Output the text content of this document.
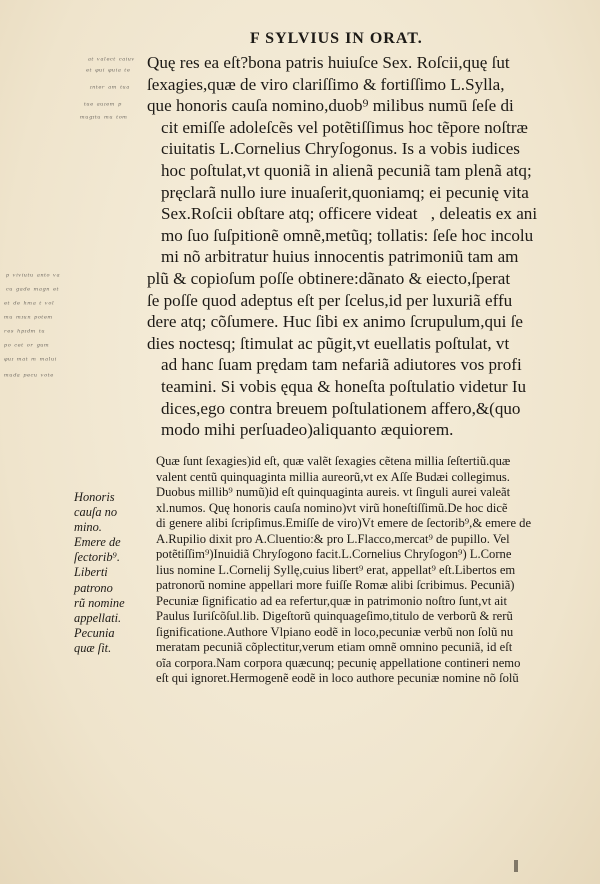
F SYLVIUS IN ORAT.
ᵃᵗ ᵛᵃˡᵉᶜᵗ ᶜᵃⁱᵘᵛ
ᵉᵗ ᵠᵘⁱ ᵠᵘⁱᵃ ᵗᵉ
ᶦⁿᵗᵉʳ ᵃᵐ ᵗᵘᵃ
ᵗᵘᵉ ᵃᵘᶦᵉᵐ ᵖ
ᵐᵘᵍᶦᵗᵘ ᵐᵘ ᵗᵒᵐ
ᵖ ᵛⁱᵛⁱᵘᵗᵘ ᵃⁿᵗᵒ ᵛᵃ
ᶜᵘ ᵍᵃᵈᵉ ᵐᵃᵍⁿ ᵉᵗ
ᵉᵗ ᵈᵉ ʰᵐᵃ ᵗ ᵛᵒˡ
ᵐᵘ ᵐᶦᵘⁿ ᵖᵒᵗᵉᵐ
ʳᵉˢ ʰᵖᶦᵈᵐ ᵗᵘ
ᵖᵒ ᶜᵉᵗ ᵒʳ ᵍᵘᵐ
ᵠᵘᶦ ᵐᵃᵗ ᵐ ᵐᵃˡᵘⁱ
ᵐᵘᵈᵃ ᵖᵉᶜᵘ ᵛᵒᵗᵉ
Quę res ea eſt?bona patris huiuſce Sex. Roſcii,quę ſut
ſexagies,quæ de viro clariſſimo & fortiſſimo L.Sylla,
que honoris cauſa nomino,duob⁹ milibus numū ſeſe di
cit emiſſe adoleſcẽs vel potẽtiſſimus hoc tẽpore noſtræ
ciuitatis L.Cornelius Chryſogonus. Is a vobis iudices
hoc poſtulat,vt quoniã in alienã pecuniã tam plenã atq;
pręclarã nullo iure inuaſerit,quoniamq; ei pecunię vita
Sex.Roſcii obſtare atq; officere videat᷑, deleatis ex ani
mo ſuo ſuſpitionẽ omnẽ,metũq; tollatis: ſeſe hoc incolu
mi nõ arbitratur huius innocentis patrimoniũ tam am
plũ & copioſum poſſe obtinere:dãnato & eiecto,ſperat
ſe poſſe quod adeptus eſt per ſcelus,id per luxuriã effu
dere atq; cõſumere. Huc ſibi ex animo ſcrupulum,qui ſe
dies noctesq; ſtimulat ac pũgit,vt euellatis poſtulat, vt
ad hanc ſuam prędam tam nefariã adiutores vos profi
teamini. Si vobis ęqua & honeſta poſtulatio videtur Iu
dices,ego contra breuem poſtulationem affero,&(quo
modo mihi perſuadeo)aliquanto æquiorem.
Quæ ſunt ſexagies)id eſt, quæ valẽt ſexagies cẽtena millia ſeſtertiũ.quæ
valent centũ quinquaginta millia aureorũ,vt ex Aſſe Budæi collegimus.
Duobus millib⁹ numũ)id eſt quinquaginta aureis. vt ſinguli aurei valeãt
xl.numos. Quę honoris cauſa nomino)vt virũ honeſtiſſimũ.De hoc dicẽ
di genere alibi ſcripſimus.Emiſſe de viro)Vt emere de ſectorib⁹,& emere de
A.Rupilio dixit pro A.Cluentio:& pro L.Flacco,mercat⁹ de pupillo. Vel
potẽtiſſim⁹)Inuidiã Chryſogono facit.L.Cornelius Chryſogon⁹) L.Corne
lius nomine L.Cornelij Syllę,cuius libert⁹ erat, appellat⁹ eſt.Libertos em
patronorũ nomine appellari more fuiſſe Romæ alibi ſcribimus. Pecuniã)
Pecuniæ ſignificatio ad ea refertur,quæ in patrimonio noſtro ſunt,vt ait
Paulus Iuriſcõſul.lib. Digeſtorũ quinquageſimo,titulo de verborũ & rerũ
ſignificatione.Authore Vlpiano eodẽ in loco,pecuniæ verbũ non ſolũ nu
meratam pecuniã cõplectitur,verum etiam omnẽ omnino pecuniã, id eſt
oĩa corpora.Nam corpora quæcunq; pecunię appellatione contineri nemo
eſt qui ignoret.Hermogenẽ eodẽ in loco authore pecuniæ nomine nõ ſolũ
Honoris
cauſa no
mino.
Emere de
ſectorib⁹.
Liberti
patrono
rũ nomine
appellati.
Pecunia
quæ ſit.
